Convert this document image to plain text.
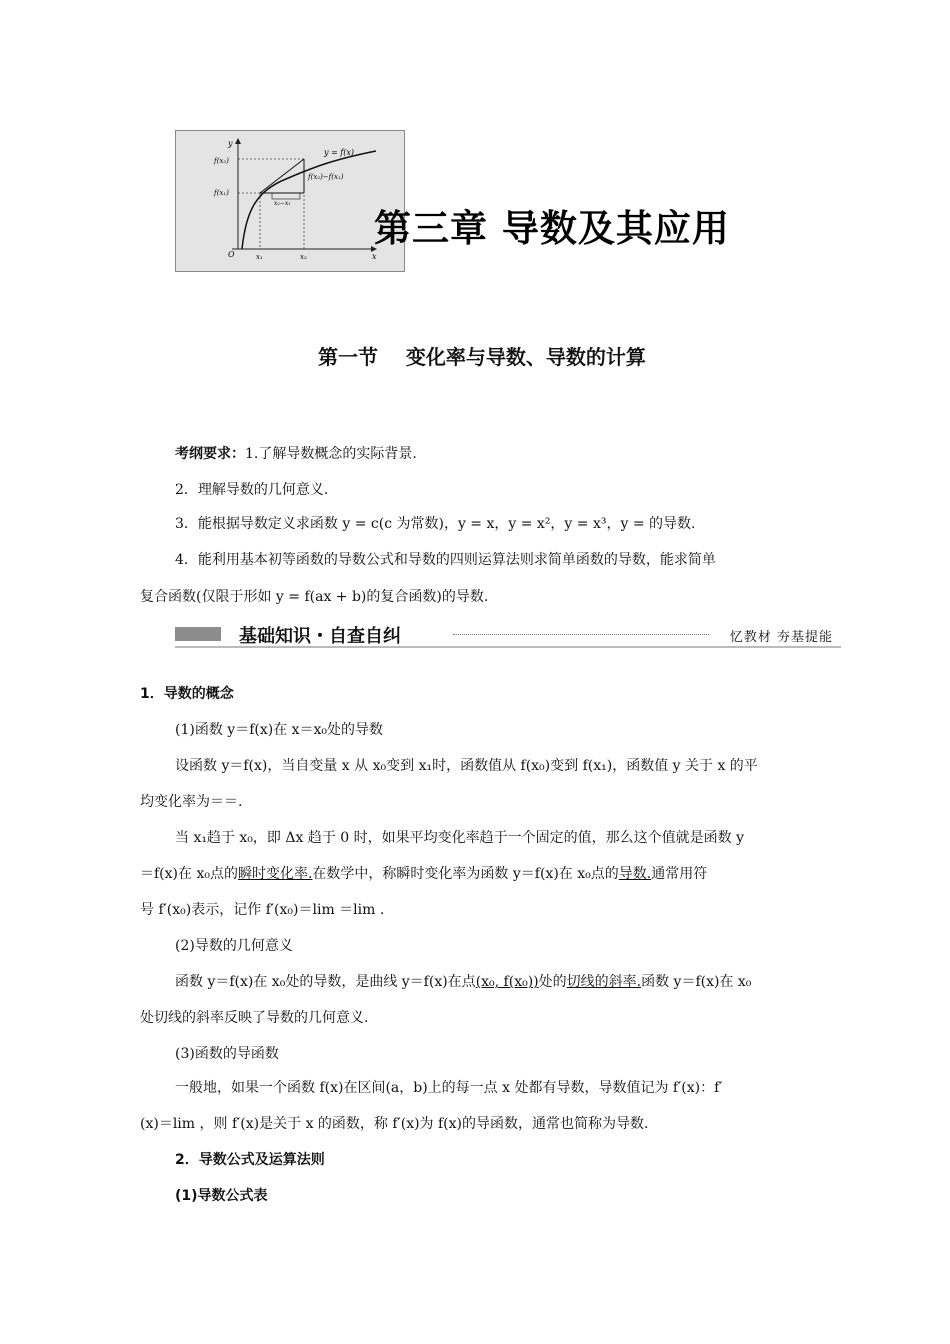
y
x
O
y = f(x)
f(x₂)
f(x₁)
f(x₂)−f(x₁)
x₂−x₁
x₁	x₂
第三章 导数及其应用
第一节    变化率与导数、导数的计算
考纲要求：1.了解导数概念的实际背景.
2．理解导数的几何意义.
3．能根据导数定义求函数 y = c(c 为常数)，y = x，y = x²，y = x³，y = 的导数.
4．能利用基本初等函数的导数公式和导数的四则运算法则求简单函数的导数，能求简单
复合函数(仅限于形如 y = f(ax + b)的复合函数)的导数.
基础知识・自查自纠	忆教材 夯基提能
1．导数的概念
(1)函数 y＝f(x)在 x＝x₀处的导数
设函数 y＝f(x)，当自变量 x 从 x₀变到 x₁时，函数值从 f(x₀)变到 f(x₁)，函数值 y 关于 x 的平
均变化率为＝＝.
当 x₁趋于 x₀，即 Δx 趋于 0 时，如果平均变化率趋于一个固定的值，那么这个值就是函数 y
＝f(x)在 x₀点的瞬时变化率.在数学中，称瞬时变化率为函数 y＝f(x)在 x₀点的导数.通常用符
号 f′(x₀)表示，记作 f′(x₀)＝lim ＝lim .
(2)导数的几何意义
函数 y＝f(x)在 x₀处的导数，是曲线 y＝f(x)在点(x₀, f(x₀))处的切线的斜率.函数 y＝f(x)在 x₀
处切线的斜率反映了导数的几何意义.
(3)函数的导函数
一般地，如果一个函数 f(x)在区间(a，b)上的每一点 x 处都有导数，导数值记为 f′(x)：f′
(x)＝lim ，则 f′(x)是关于 x 的函数，称 f′(x)为 f(x)的导函数，通常也简称为导数.
2．导数公式及运算法则
(1)导数公式表
